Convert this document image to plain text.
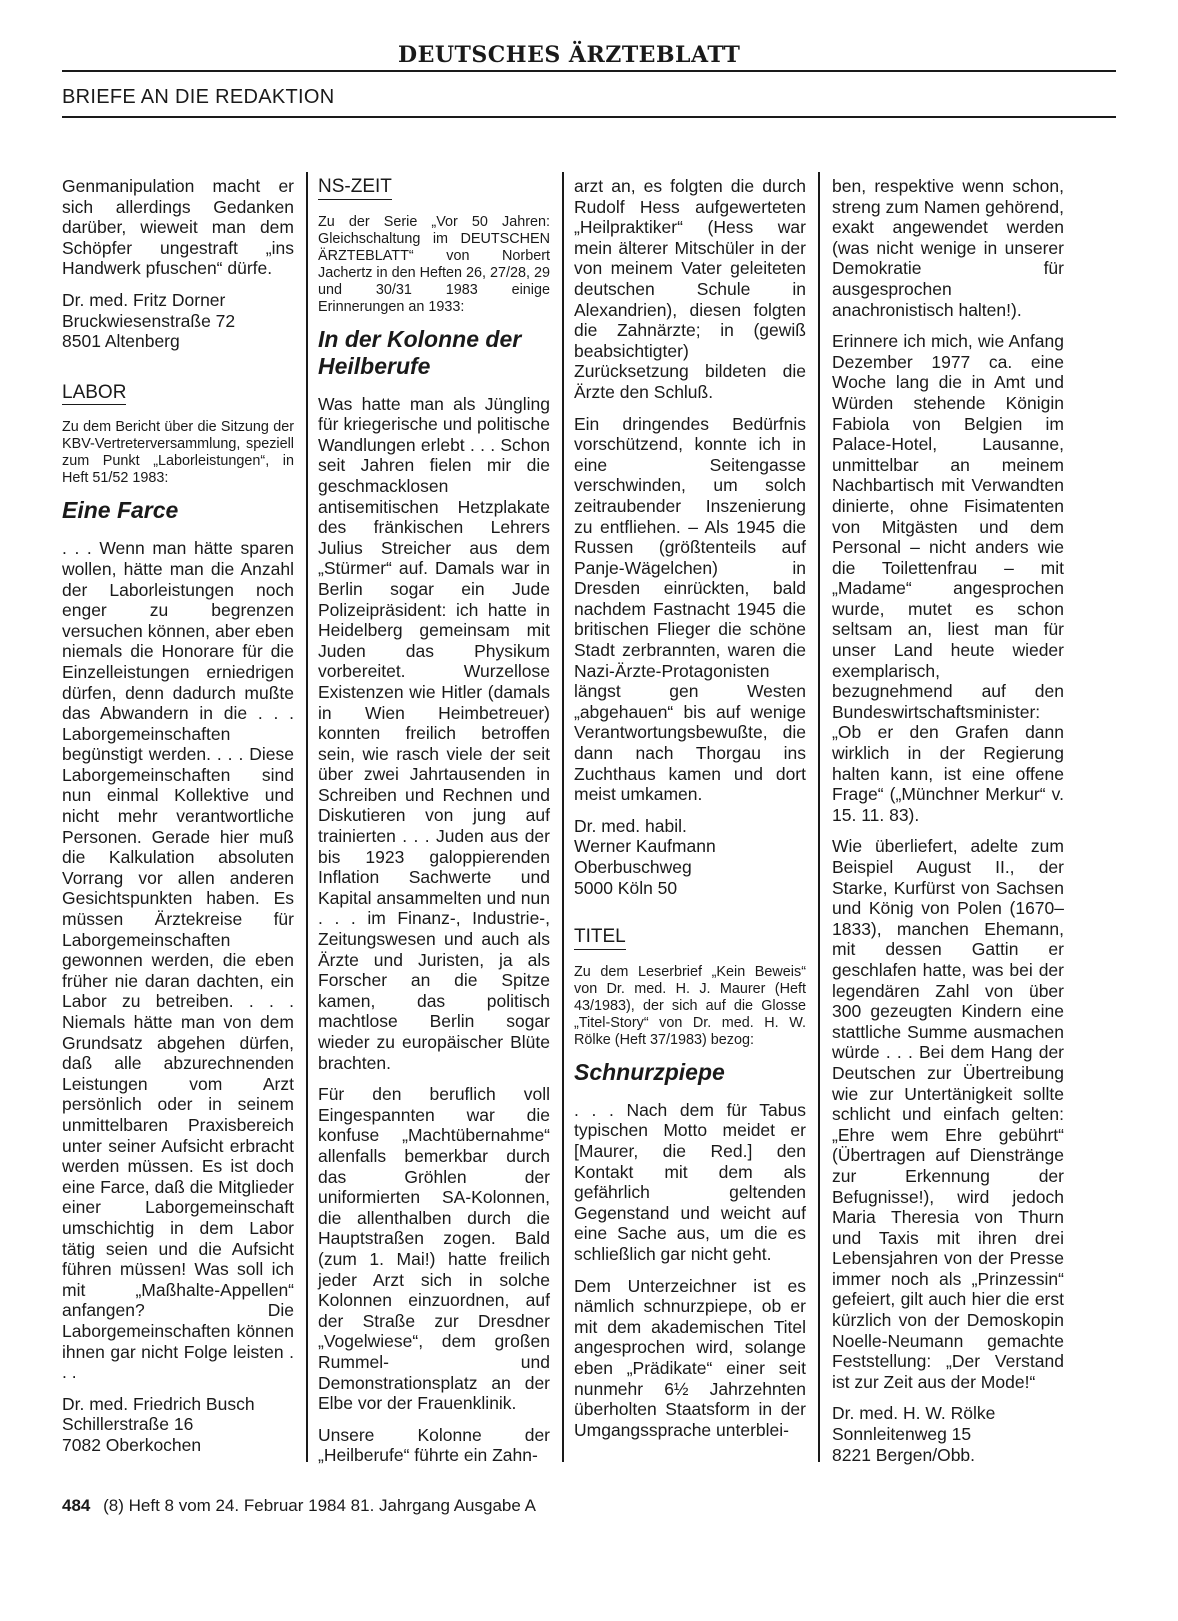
DEUTSCHES ÄRZTEBLATT
BRIEFE AN DIE REDAKTION

Genmanipulation macht er sich allerdings Gedanken darüber, wieweit man dem Schöpfer ungestraft „ins Handwerk pfuschen“ dürfe.

Dr. med. Fritz Dorner
Bruckwiesenstraße 72
8501 Altenberg

LABOR

Zu dem Bericht über die Sitzung der KBV-Vertreterversammlung, speziell zum Punkt „Laborleistungen“, in Heft 51/52 1983:

Eine Farce

. . . Wenn man hätte sparen wollen, hätte man die Anzahl der Laborleistungen noch enger zu begrenzen versuchen können, aber eben niemals die Honorare für die Einzelleistungen erniedrigen dürfen, denn dadurch mußte das Abwandern in die . . . Laborgemeinschaften begünstigt werden. . . . Diese Laborgemeinschaften sind nun einmal Kollektive und nicht mehr verantwortliche Personen. Gerade hier muß die Kalkulation absoluten Vorrang vor allen anderen Gesichtspunkten haben. Es müssen Ärztekreise für Laborgemeinschaften gewonnen werden, die eben früher nie daran dachten, ein Labor zu betreiben. . . . Niemals hätte man von dem Grundsatz abgehen dürfen, daß alle abzurechnenden Leistungen vom Arzt persönlich oder in seinem unmittelbaren Praxisbereich unter seiner Aufsicht erbracht werden müssen. Es ist doch eine Farce, daß die Mitglieder einer Laborgemeinschaft umschichtig in dem Labor tätig seien und die Aufsicht führen müssen! Was soll ich mit „Maßhalte-Appellen“ anfangen? Die Laborgemeinschaften können ihnen gar nicht Folge leisten . . .

Dr. med. Friedrich Busch
Schillerstraße 16
7082 Oberkochen

NS-ZEIT

Zu der Serie „Vor 50 Jahren: Gleichschaltung im DEUTSCHEN ÄRZTEBLATT“ von Norbert Jachertz in den Heften 26, 27/28, 29 und 30/31 1983 einige Erinnerungen an 1933:

In der Kolonne der Heilberufe

Was hatte man als Jüngling für kriegerische und politische Wandlungen erlebt . . . Schon seit Jahren fielen mir die geschmacklosen antisemitischen Hetzplakate des fränkischen Lehrers Julius Streicher aus dem „Stürmer“ auf. Damals war in Berlin sogar ein Jude Polizeipräsident: ich hatte in Heidelberg gemeinsam mit Juden das Physikum vorbereitet. Wurzellose Existenzen wie Hitler (damals in Wien Heimbetreuer) konnten freilich betroffen sein, wie rasch viele der seit über zwei Jahrtausenden in Schreiben und Rechnen und Diskutieren von jung auf trainierten . . . Juden aus der bis 1923 galoppierenden Inflation Sachwerte und Kapital ansammelten und nun . . . im Finanz-, Industrie-, Zeitungswesen und auch als Ärzte und Juristen, ja als Forscher an die Spitze kamen, das politisch machtlose Berlin sogar wieder zu europäischer Blüte brachten.

Für den beruflich voll Eingespannten war die konfuse „Machtübernahme“ allenfalls bemerkbar durch das Gröhlen der uniformierten SA-Kolonnen, die allenthalben durch die Hauptstraßen zogen. Bald (zum 1. Mai!) hatte freilich jeder Arzt sich in solche Kolonnen einzuordnen, auf der Straße zur Dresdner „Vogelwiese“, dem großen Rummel- und Demonstrationsplatz an der Elbe vor der Frauenklinik.

Unsere Kolonne der „Heilberufe“ führte ein Zahn-

arzt an, es folgten die durch Rudolf Hess aufgewerteten „Heilpraktiker“ (Hess war mein älterer Mitschüler in der von meinem Vater geleiteten deutschen Schule in Alexandrien), diesen folgten die Zahnärzte; in (gewiß beabsichtigter) Zurücksetzung bildeten die Ärzte den Schluß.

Ein dringendes Bedürfnis vorschützend, konnte ich in eine Seitengasse verschwinden, um solch zeitraubender Inszenierung zu entfliehen. – Als 1945 die Russen (größtenteils auf Panje-Wägelchen) in Dresden einrückten, bald nachdem Fastnacht 1945 die britischen Flieger die schöne Stadt zerbrannten, waren die Nazi-Ärzte-Protagonisten längst gen Westen „abgehauen“ bis auf wenige Verantwortungsbewußte, die dann nach Thorgau ins Zuchthaus kamen und dort meist umkamen.

Dr. med. habil.
Werner Kaufmann
Oberbuschweg
5000 Köln 50

TITEL

Zu dem Leserbrief „Kein Beweis“ von Dr. med. H. J. Maurer (Heft 43/1983), der sich auf die Glosse „Titel-Story“ von Dr. med. H. W. Rölke (Heft 37/1983) bezog:

Schnurzpiepe

. . . Nach dem für Tabus typischen Motto meidet er [Maurer, die Red.] den Kontakt mit dem als gefährlich geltenden Gegenstand und weicht auf eine Sache aus, um die es schließlich gar nicht geht.

Dem Unterzeichner ist es nämlich schnurzpiepe, ob er mit dem akademischen Titel angesprochen wird, solange eben „Prädikate“ einer seit nunmehr 6½ Jahrzehnten überholten Staatsform in der Umgangssprache unterblei-

ben, respektive wenn schon, streng zum Namen gehörend, exakt angewendet werden (was nicht wenige in unserer Demokratie für ausgesprochen anachronistisch halten!).

Erinnere ich mich, wie Anfang Dezember 1977 ca. eine Woche lang die in Amt und Würden stehende Königin Fabiola von Belgien im Palace-Hotel, Lausanne, unmittelbar an meinem Nachbartisch mit Verwandten dinierte, ohne Fisimatenten von Mitgästen und dem Personal – nicht anders wie die Toilettenfrau – mit „Madame“ angesprochen wurde, mutet es schon seltsam an, liest man für unser Land heute wieder exemplarisch, bezugnehmend auf den Bundeswirtschaftsminister: „Ob er den Grafen dann wirklich in der Regierung halten kann, ist eine offene Frage“ („Münchner Merkur“ v. 15. 11. 83).

Wie überliefert, adelte zum Beispiel August II., der Starke, Kurfürst von Sachsen und König von Polen (1670–1833), manchen Ehemann, mit dessen Gattin er geschlafen hatte, was bei der legendären Zahl von über 300 gezeugten Kindern eine stattliche Summe ausmachen würde . . . Bei dem Hang der Deutschen zur Übertreibung wie zur Untertänigkeit sollte schlicht und einfach gelten: „Ehre wem Ehre gebührt“ (Übertragen auf Dienstränge zur Erkennung der Befugnisse!), wird jedoch Maria Theresia von Thurn und Taxis mit ihren drei Lebensjahren von der Presse immer noch als „Prinzessin“ gefeiert, gilt auch hier die erst kürzlich von der Demoskopin Noelle-Neumann gemachte Feststellung: „Der Verstand ist zur Zeit aus der Mode!“

Dr. med. H. W. Rölke
Sonnleitenweg 15
8221 Bergen/Obb.

484 (8) Heft 8 vom 24. Februar 1984 81. Jahrgang Ausgabe A
